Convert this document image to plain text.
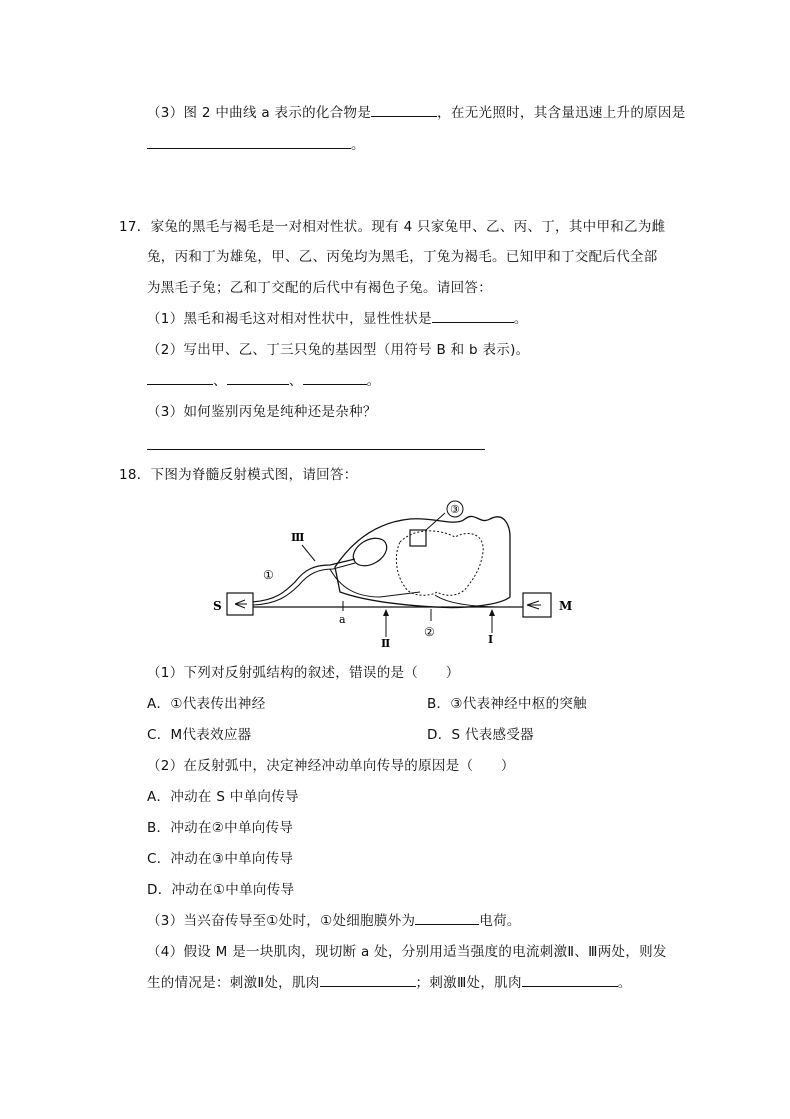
（3）图 2 中曲线 a 表示的化合物是	，在无光照时，其含量迅速上升的原因是
。
17．家兔的黑毛与褐毛是一对相对性状。现有 4 只家兔甲、乙、丙、丁，其中甲和乙为雌
兔，丙和丁为雄兔，甲、乙、丙兔均为黑毛，丁兔为褐毛。已知甲和丁交配后代全部
为黑毛子兔；乙和丁交配的后代中有褐色子兔。请回答：
（1）黑毛和褐毛这对相对性状中，显性性状是	。
（2）写出甲、乙、丁三只兔的基因型（用符号 B 和 b 表示)。
、	、	。
（3）如何鉴别丙兔是纯种还是杂种？
18．下图为脊髓反射模式图，请回答：
③
S	M
Ⅲ
①
a
Ⅱ
②
Ⅰ
（1）下列对反射弧结构的叙述，错误的是（　　）
A．①代表传出神经	B．③代表神经中枢的突触
C．M代表效应器	D．S 代表感受器
（2）在反射弧中，决定神经冲动单向传导的原因是（　　）
A．冲动在 S 中单向传导
B．冲动在②中单向传导
C．冲动在③中单向传导
D．冲动在①中单向传导
（3）当兴奋传导至①处时，①处细胞膜外为	电荷。
（4）假设 M 是一块肌肉，现切断 a 处，分别用适当强度的电流刺激Ⅱ、Ⅲ两处，则发
生的情况是：刺激Ⅱ处，肌肉	；刺激Ⅲ处，肌肉	。
